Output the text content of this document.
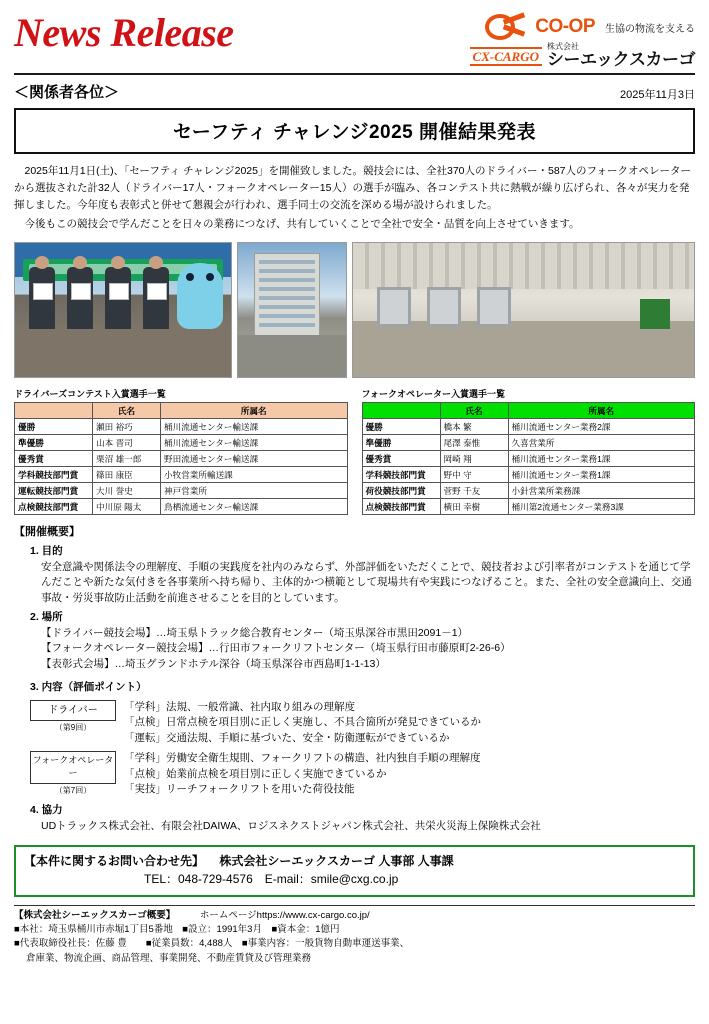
News Release	CO-OP 生協の物流を支える
CX-CARGO
株式会社
シーエックスカーゴ
＜関係者各位＞	2025年11月3日
セーフティ チャレンジ2025 開催結果発表

2025年11月1日(土)、「セーフティ チャレンジ2025」を開催致しました。競技会には、全社370人のドライバー・587人のフォークオペレーターから選抜された計32人（ドライバー17人・フォークオペレーター15人）の選手が臨み、各コンテスト共に熱戦が繰り広げられ、各々が実力を発揮しました。今年度も表彰式と併せて懇親会が行われ、選手同士の交流を深める場が設けられました。

今後もこの競技会で学んだことを日々の業務につなげ、共有していくことで全社で安全・品質を向上させていきます。

ドライバーズコンテスト入賞選手一覧
	氏名	所属名
優勝	瀬田 裕巧	桶川流通センター輸送課
準優勝	山本 晋司	桶川流通センター輸送課
優秀賞	栗沼 雄一郎	野田流通センター輸送課
学科競技部門賞	篠田 康臣	小牧営業所輸送課
運転競技部門賞	大川 誉史	神戸営業所
点検競技部門賞	中川原 陽太	鳥栖流通センター輸送課
フォークオペレーター入賞選手一覧
	氏名	所属名
優勝	橋本 繁	桶川流通センター業務2課
準優勝	尾澤 泰惟	久喜営業所
優秀賞	岡崎 翔	桶川流通センター業務1課
学科競技部門賞	野中 守	桶川流通センター業務1課
荷役競技部門賞	菅野 千友	小針営業所業務課
点検競技部門賞	横田 幸樹	桶川第2流通センター業務3課
【開催概要】
1. 目的
安全意識や関係法令の理解度、手順の実践度を社内のみならず、外部評価をいただくことで、競技者および引率者がコンテストを通じて学んだことや新たな気付きを各事業所へ持ち帰り、主体的かつ横範として現場共有や実践につなげること。また、全社の安全意識向上、交通事故・労災事故防止活動を前進させることを目的としています。
2. 場所
【ドライバー競技会場】…埼玉県トラック総合教育センター（埼玉県深谷市黒田2091－1）
【フォークオペレーター競技会場】…行田市フォークリフトセンター（埼玉県行田市藤原町2-26-6）
【表彰式会場】…埼玉グランドホテル深谷（埼玉県深谷市西島町1-1-13）
3. 内容（評価ポイント）
ドライバー
（第9回）
「学科」法規、一般常識、社内取り組みの理解度
「点検」日常点検を項目別に正しく実施し、不具合箇所が発見できているか
「運転」交通法規、手順に基づいた、安全・防衛運転ができているか
フォークオペレーター
（第7回）
「学科」労働安全衛生規則、フォークリフトの構造、社内独自手順の理解度
「点検」始業前点検を項目別に正しく実施できているか
「実技」リーチフォークリフトを用いた荷役技能
4. 協力
UDトラックス株式会社、有限会社DAIWA、ロジスネクストジャパン株式会社、共栄火災海上保険株式会社
【本件に関するお問い合わせ先】 株式会社シーエックスカーゴ 人事部 人事課
TEL：048-729-4576　E-mail：smile@cxg.co.jp
【株式会社シーエックスカーゴ概要】	ホームページhttps://www.cx-cargo.co.jp/
■本社：埼玉県桶川市赤堀1丁目5番地　■設立：1991年3月　■資本金：1億円
■代表取締役社長：佐藤 豊　　■従業員数：4,488人　■事業内容：一般貨物自動車運送事業、
倉庫業、物流企画、商品管理、事業開発、不動産賃貸及び管理業務
